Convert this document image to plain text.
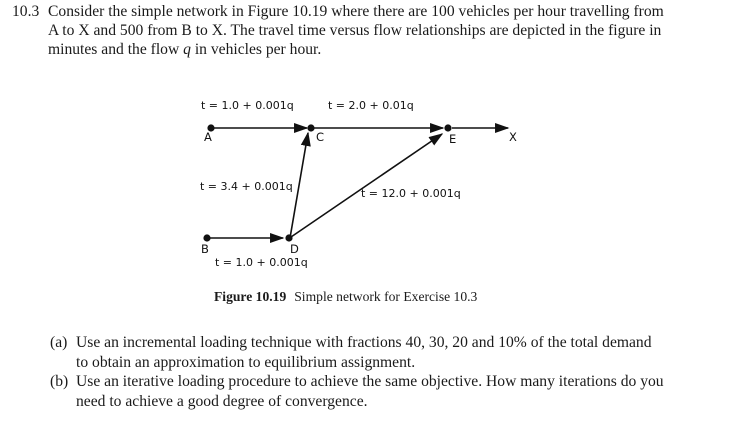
10.3 Consider the simple network in Figure 10.19 where there are 100 vehicles per hour travelling from
A to X and 500 from B to X. The travel time versus flow relationships are depicted in the figure in
minutes and the flow q in vehicles per hour.
A	C	E	X
B	D
t = 1.0 + 0.001q	t = 2.0 + 0.01q
t = 3.4 + 0.001q
t = 12.0 + 0.001q
t = 1.0 + 0.001q
Figure 10.19 Simple network for Exercise 10.3
(a) Use an incremental loading technique with fractions 40, 30, 20 and 10% of the total demand
to obtain an approximation to equilibrium assignment.
(b) Use an iterative loading procedure to achieve the same objective. How many iterations do you
need to achieve a good degree of convergence.
